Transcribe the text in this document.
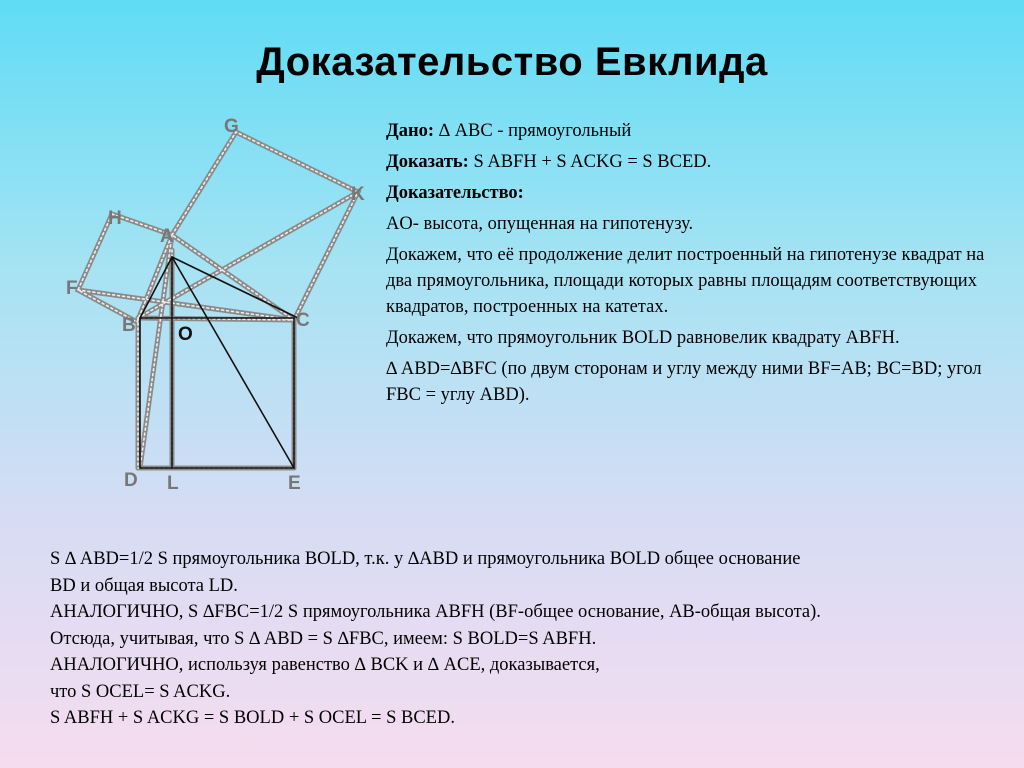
Доказательство Евклида
G
K
H
A
F
B	C
O
D L	E

Дано: ∆ ABC - прямоугольный

Доказать: S ABFH + S ACKG = S BCED.

Доказательство:

AO- высота, опущенная на гипотенузу.

Докажем, что её продолжение делит построенный на гипотенузе квадрат на два прямоугольника, площади которых равны площадям соответствующих

квадратов, построенных на катетах.

Докажем, что прямоугольник BOLD равновелик квадрату ABFH.

∆ ABD=∆BFC (по двум сторонам и углу между ними BF=AB; BC=BD; угол FBC = углу ABD).

S ∆ ABD=1/2 S прямоугольника BOLD, т.к. у ∆ABD и прямоугольника BOLD общее основание

BD и общая высота LD.

АНАЛОГИЧНО, S ∆FBC=1/2 S прямоугольника ABFH (BF-общее основание, AB-общая высота).

Отсюда, учитывая, что S ∆ ABD = S ∆FBC, имеем: S BOLD=S ABFH.

АНАЛОГИЧНО, используя равенство ∆ BCK и ∆ ACE, доказывается,

что S OCEL= S ACKG.

S ABFH + S ACKG = S BOLD + S OCEL = S BCED.
